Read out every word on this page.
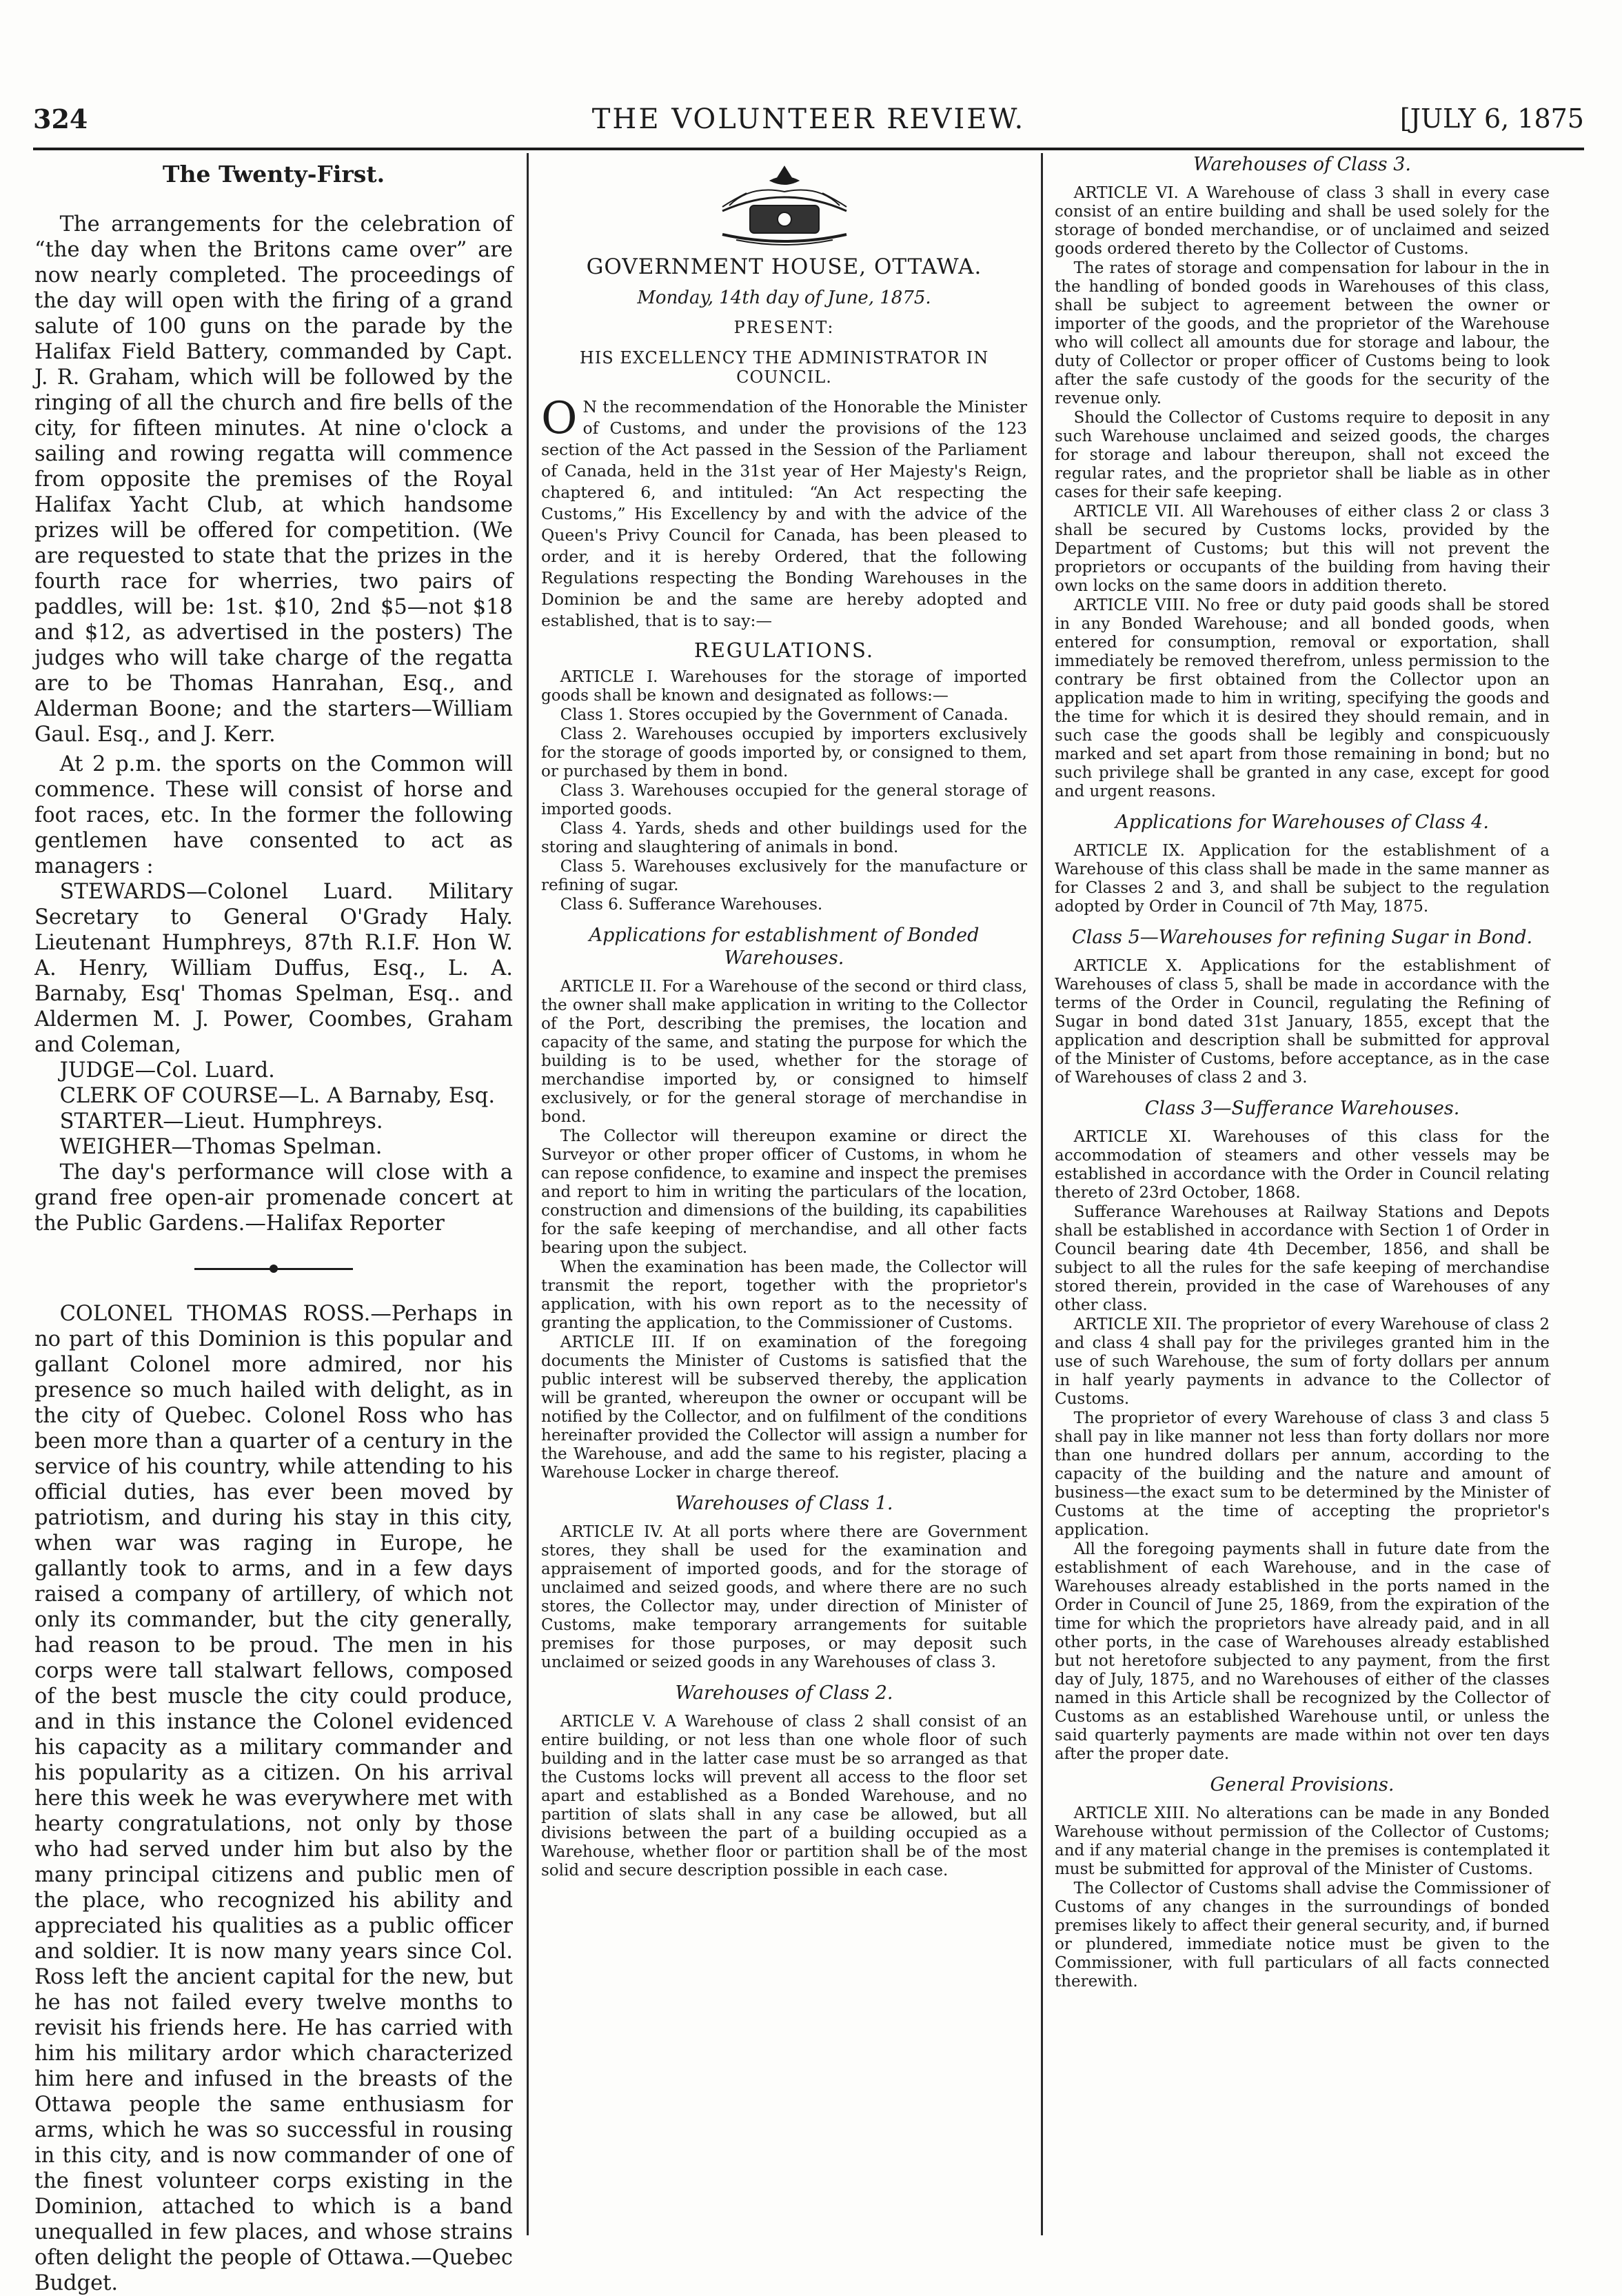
324	THE VOLUNTEER REVIEW.	[JULY 6, 1875
The Twenty-First.

The arrangements for the celebration of “the day when the Britons came over” are now nearly completed. The proceedings of the day will open with the firing of a grand salute of 100 guns on the parade by the Halifax Field Battery, commanded by Capt. J. R. Graham, which will be followed by the ringing of all the church and fire bells of the city, for fifteen minutes. At nine o'clock a sailing and rowing regatta will commence from opposite the premises of the Royal Halifax Yacht Club, at which handsome prizes will be offered for competition. (We are requested to state that the prizes in the fourth race for wherries, two pairs of paddles, will be: 1st. $10, 2nd $5—not $18 and $12, as advertised in the posters) The judges who will take charge of the regatta are to be Thomas Hanrahan, Esq., and Alderman Boone; and the starters—William Gaul. Esq., and J. Kerr.

At 2 p.m. the sports on the Common will commence. These will consist of horse and foot races, etc. In the former the following gentlemen have consented to act as managers :

STEWARDS—Colonel Luard. Military Secretary to General O'Grady Haly. Lieutenant Humphreys, 87th R.I.F. Hon W. A. Henry, William Duffus, Esq., L. A. Barnaby, Esq' Thomas Spelman, Esq.. and Aldermen M. J. Power, Coombes, Graham and Coleman,

JUDGE—Col. Luard.

CLERK OF COURSE—L. A Barnaby, Esq.

STARTER—Lieut. Humphreys.

WEIGHER—Thomas Spelman.

The day's performance will close with a grand free open-air promenade concert at the Public Gardens.—Halifax Reporter

COLONEL THOMAS ROSS.—Perhaps in no part of this Dominion is this popular and gallant Colonel more admired, nor his presence so much hailed with delight, as in the city of Quebec. Colonel Ross who has been more than a quarter of a century in the service of his country, while attending to his official duties, has ever been moved by patriotism, and during his stay in this city, when war was raging in Europe, he gallantly took to arms, and in a few days raised a company of artillery, of which not only its commander, but the city generally, had reason to be proud. The men in his corps were tall stalwart fellows, composed of the best muscle the city could produce, and in this instance the Colonel evidenced his capacity as a military commander and his popularity as a citizen. On his arrival here this week he was everywhere met with hearty congratulations, not only by those who had served under him but also by the many principal citizens and public men of the place, who recognized his ability and appreciated his qualities as a public officer and soldier. It is now many years since Col. Ross left the ancient capital for the new, but he has not failed every twelve months to revisit his friends here. He has carried with him his military ardor which characterized him here and infused in the breasts of the Ottawa people the same enthusiasm for arms, which he was so successful in rousing in this city, and is now commander of one of the finest volunteer corps existing in the Dominion, attached to which is a band unequalled in few places, and whose strains often delight the people of Ottawa.—Quebec Budget.

GOVERNMENT HOUSE, OTTAWA.
Monday, 14th day of June, 1875.
PRESENT:
HIS EXCELLENCY THE ADMINISTRATOR IN COUNCIL.

O N the recommendation of the Honorable the Minister of Customs, and under the provisions of the 123 section of the Act passed in the Session of the Parliament of Canada, held in the 31st year of Her Majesty's Reign, chaptered 6, and intituled: “An Act respecting the Customs,” His Excellency by and with the advice of the Queen's Privy Council for Canada, has been pleased to order, and it is hereby Ordered, that the following Regulations respecting the Bonding Warehouses in the Dominion be and the same are hereby adopted and established, that is to say:—

REGULATIONS.

ARTICLE I. Warehouses for the storage of imported goods shall be known and designated as follows:—

Class 1. Stores occupied by the Government of Canada.

Class 2. Warehouses occupied by importers exclusively for the storage of goods imported by, or consigned to them, or purchased by them in bond.

Class 3. Warehouses occupied for the general storage of imported goods.

Class 4. Yards, sheds and other buildings used for the storing and slaughtering of animals in bond.

Class 5. Warehouses exclusively for the manufacture or refining of sugar.

Class 6. Sufferance Warehouses.

Applications for establishment of Bonded Warehouses.

ARTICLE II. For a Warehouse of the second or third class, the owner shall make application in writing to the Collector of the Port, describing the premises, the location and capacity of the same, and stating the purpose for which the building is to be used, whether for the storage of merchandise imported by, or consigned to himself exclusively, or for the general storage of merchandise in bond.

The Collector will thereupon examine or direct the Surveyor or other proper officer of Customs, in whom he can repose confidence, to examine and inspect the premises and report to him in writing the particulars of the location, construction and dimensions of the building, its capabilities for the safe keeping of merchandise, and all other facts bearing upon the subject.

When the examination has been made, the Collector will transmit the report, together with the proprietor's application, with his own report as to the necessity of granting the application, to the Commissioner of Customs.

ARTICLE III. If on examination of the foregoing documents the Minister of Customs is satisfied that the public interest will be subserved thereby, the application will be granted, whereupon the owner or occupant will be notified by the Collector, and on fulfilment of the conditions hereinafter provided the Collector will assign a number for the Warehouse, and add the same to his register, placing a Warehouse Locker in charge thereof.

Warehouses of Class 1.

ARTICLE IV. At all ports where there are Government stores, they shall be used for the examination and appraisement of imported goods, and for the storage of unclaimed and seized goods, and where there are no such stores, the Collector may, under direction of Minister of Customs, make temporary arrangements for suitable premises for those purposes, or may deposit such unclaimed or seized goods in any Warehouses of class 3.

Warehouses of Class 2.

ARTICLE V. A Warehouse of class 2 shall consist of an entire building, or not less than one whole floor of such building and in the latter case must be so arranged as that the Customs locks will prevent all access to the floor set apart and established as a Bonded Warehouse, and no partition of slats shall in any case be allowed, but all divisions between the part of a building occupied as a Warehouse, whether floor or partition shall be of the most solid and secure description possible in each case.

Warehouses of Class 3.

ARTICLE VI. A Warehouse of class 3 shall in every case consist of an entire building and shall be used solely for the storage of bonded merchandise, or of unclaimed and seized goods ordered thereto by the Collector of Customs.

The rates of storage and compensation for labour in the in the handling of bonded goods in Warehouses of this class, shall be subject to agreement between the owner or importer of the goods, and the proprietor of the Warehouse who will collect all amounts due for storage and labour, the duty of Collector or proper officer of Customs being to look after the safe custody of the goods for the security of the revenue only.

Should the Collector of Customs require to deposit in any such Warehouse unclaimed and seized goods, the charges for storage and labour thereupon, shall not exceed the regular rates, and the proprietor shall be liable as in other cases for their safe keeping.

ARTICLE VII. All Warehouses of either class 2 or class 3 shall be secured by Customs locks, provided by the Department of Customs; but this will not prevent the proprietors or occupants of the building from having their own locks on the same doors in addition thereto.

ARTICLE VIII. No free or duty paid goods shall be stored in any Bonded Warehouse; and all bonded goods, when entered for consumption, removal or exportation, shall immediately be removed therefrom, unless permission to the contrary be first obtained from the Collector upon an application made to him in writing, specifying the goods and the time for which it is desired they should remain, and in such case the goods shall be legibly and conspicuously marked and set apart from those remaining in bond; but no such privilege shall be granted in any case, except for good and urgent reasons.

Applications for Warehouses of Class 4.

ARTICLE IX. Application for the establishment of a Warehouse of this class shall be made in the same manner as for Classes 2 and 3, and shall be subject to the regulation adopted by Order in Council of 7th May, 1875.

Class 5—Warehouses for refining Sugar in Bond.

ARTICLE X. Applications for the establishment of Warehouses of class 5, shall be made in accordance with the terms of the Order in Council, regulating the Refining of Sugar in bond dated 31st January, 1855, except that the application and description shall be submitted for approval of the Minister of Customs, before acceptance, as in the case of Warehouses of class 2 and 3.

Class 3—Sufferance Warehouses.

ARTICLE XI. Warehouses of this class for the accommodation of steamers and other vessels may be established in accordance with the Order in Council relating thereto of 23rd October, 1868.

Sufferance Warehouses at Railway Stations and Depots shall be established in accordance with Section 1 of Order in Council bearing date 4th December, 1856, and shall be subject to all the rules for the safe keeping of merchandise stored therein, provided in the case of Warehouses of any other class.

ARTICLE XII. The proprietor of every Warehouse of class 2 and class 4 shall pay for the privileges granted him in the use of such Warehouse, the sum of forty dollars per annum in half yearly payments in advance to the Collector of Customs.

The proprietor of every Warehouse of class 3 and class 5 shall pay in like manner not less than forty dollars nor more than one hundred dollars per annum, according to the capacity of the building and the nature and amount of business—the exact sum to be determined by the Minister of Customs at the time of accepting the proprietor's application.

All the foregoing payments shall in future date from the establishment of each Warehouse, and in the case of Warehouses already established in the ports named in the Order in Council of June 25, 1869, from the expiration of the time for which the proprietors have already paid, and in all other ports, in the case of Warehouses already established but not heretofore subjected to any payment, from the first day of July, 1875, and no Warehouses of either of the classes named in this Article shall be recognized by the Collector of Customs as an established Warehouse until, or unless the said quarterly payments are made within not over ten days after the proper date.

General Provisions.

ARTICLE XIII. No alterations can be made in any Bonded Warehouse without permission of the Collector of Customs; and if any material change in the premises is contemplated it must be submitted for approval of the Minister of Customs.

The Collector of Customs shall advise the Commissioner of Customs of any changes in the surroundings of bonded premises likely to affect their general security, and, if burned or plundered, immediate notice must be given to the Commissioner, with full particulars of all facts connected therewith.
